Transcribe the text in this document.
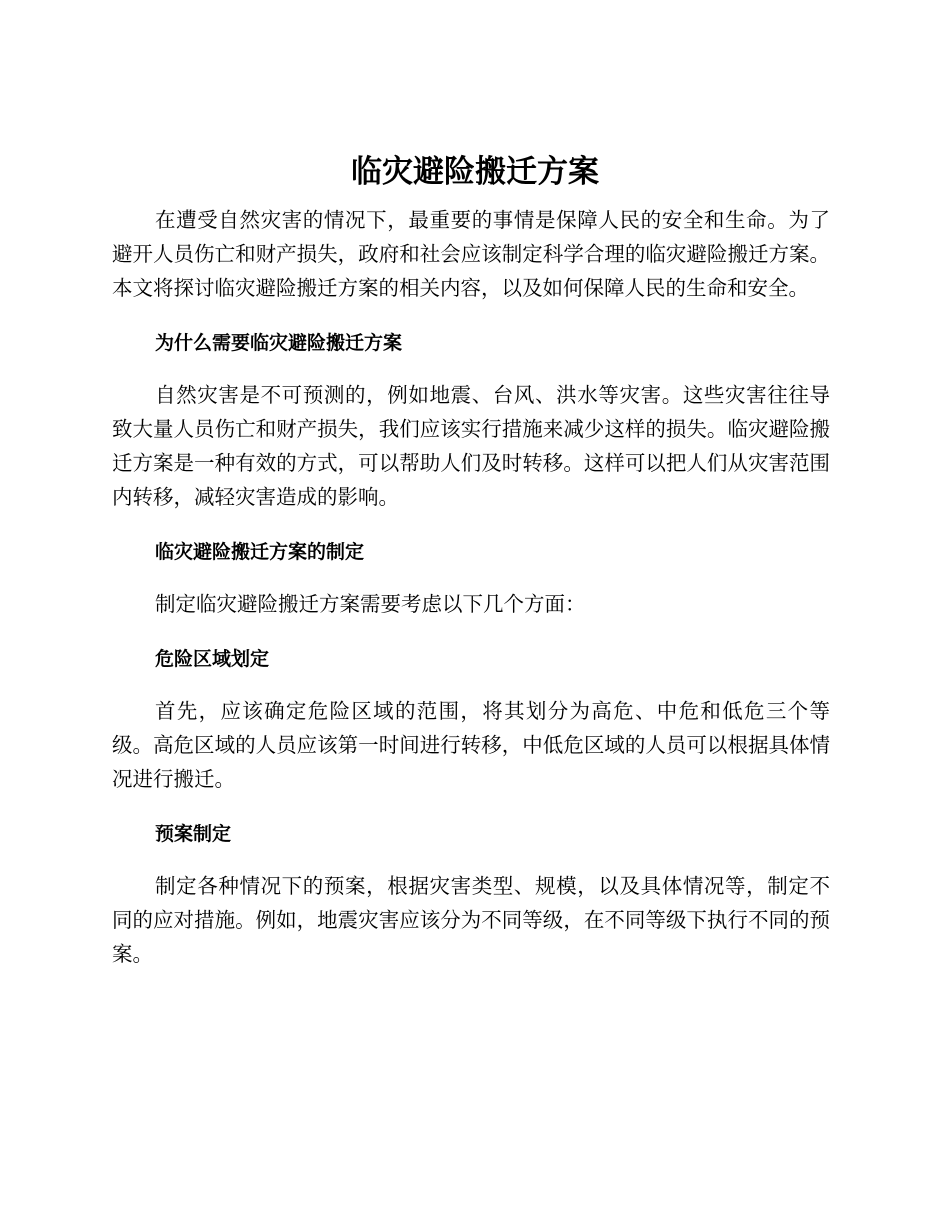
临灾避险搬迁方案

在遭受自然灾害的情况下，最重要的事情是保障人民的安全和生命。为了避开人员伤亡和财产损失，政府和社会应该制定科学合理的临灾避险搬迁方案。本文将探讨临灾避险搬迁方案的相关内容，以及如何保障人民的生命和安全。

为什么需要临灾避险搬迁方案

自然灾害是不可预测的，例如地震、台风、洪水等灾害。这些灾害往往导致大量人员伤亡和财产损失，我们应该实行措施来减少这样的损失。临灾避险搬迁方案是一种有效的方式，可以帮助人们及时转移。这样可以把人们从灾害范围内转移，减轻灾害造成的影响。

临灾避险搬迁方案的制定

制定临灾避险搬迁方案需要考虑以下几个方面：

危险区域划定

首先，应该确定危险区域的范围，将其划分为高危、中危和低危三个等级。高危区域的人员应该第一时间进行转移，中低危区域的人员可以根据具体情况进行搬迁。

预案制定

制定各种情况下的预案，根据灾害类型、规模，以及具体情况等，制定不同的应对措施。例如，地震灾害应该分为不同等级，在不同等级下执行不同的预案。
